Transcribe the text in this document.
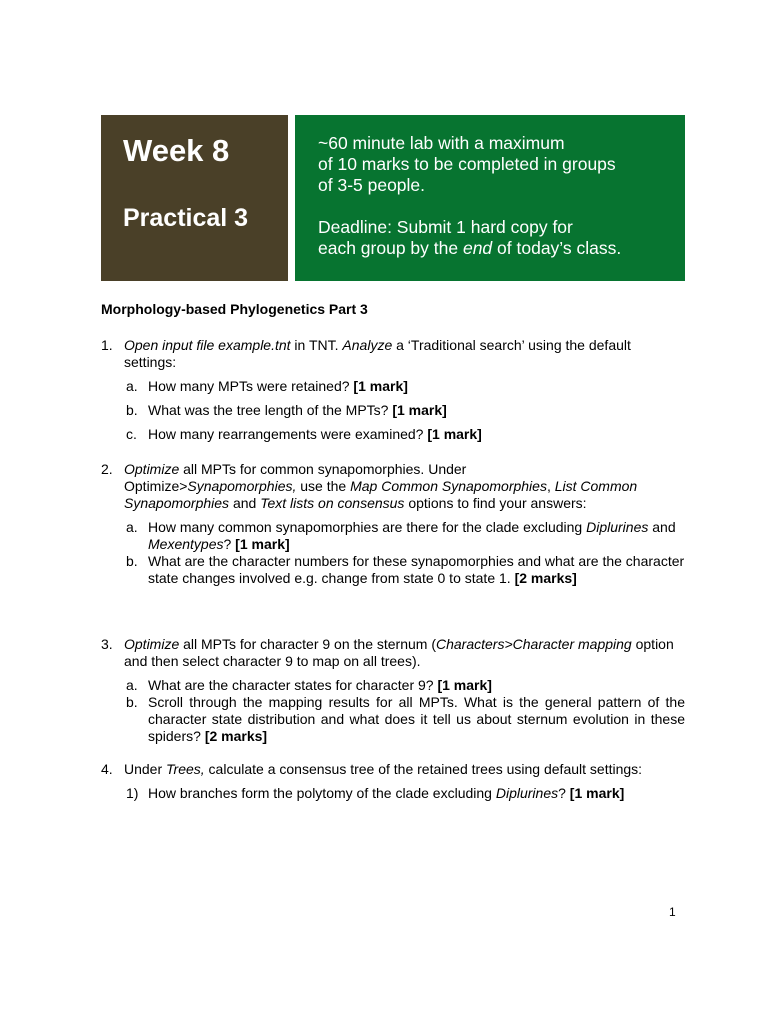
Week 8
Practical 3

~60 minute lab with a maximum

of 10 marks to be completed in groups

of 3-5 people.

Deadline: Submit 1 hard copy for

each group by the end of today’s class.

Morphology-based Phylogenetics Part 3
1. Open input file example.tnt in TNT. Analyze a ‘Traditional search’ using the default settings:
a. How many MPTs were retained? [1 mark]
b. What was the tree length of the MPTs? [1 mark]
c. How many rearrangements were examined? [1 mark]
2. Optimize all MPTs for common synapomorphies. Under Optimize>Synapomorphies, use the Map Common Synapomorphies, List Common Synapomorphies and Text lists on consensus options to find your answers:
a. How many common synapomorphies are there for the clade excluding Diplurines and Mexentypes? [1 mark]
b. What are the character numbers for these synapomorphies and what are the character state changes involved e.g. change from state 0 to state 1. [2 marks]
3. Optimize all MPTs for character 9 on the sternum (Characters>Character mapping option and then select character 9 to map on all trees).
a. What are the character states for character 9? [1 mark]
b. Scroll through the mapping results for all MPTs. What is the general pattern of the character state distribution and what does it tell us about sternum evolution in these spiders? [2 marks]
4. Under Trees, calculate a consensus tree of the retained trees using default settings:
1) How branches form the polytomy of the clade excluding Diplurines? [1 mark]
1
